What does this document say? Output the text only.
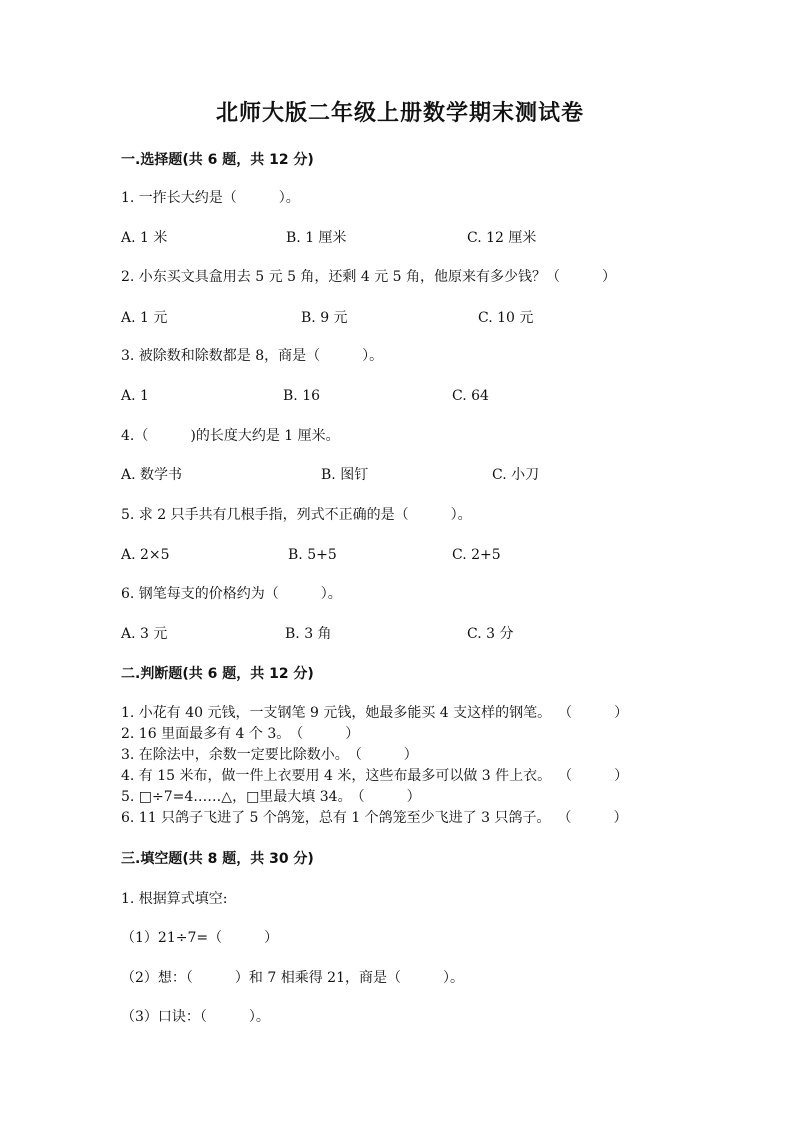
北师大版二年级上册数学期末测试卷
一.选择题(共 6 题，共 12 分)
1. 一拃长大约是（　　　）。
A. 1 米	B. 1 厘米	C. 12 厘米
2. 小东买文具盒用去 5 元 5 角，还剩 4 元 5 角，他原来有多少钱？（　　　）
A. 1 元	B. 9 元	C. 10 元
3. 被除数和除数都是 8，商是（　　　）。
A. 1	B. 16	C. 64
4.（　　　)的长度大约是 1 厘米。
A. 数学书	B. 图钉	C. 小刀
5. 求 2 只手共有几根手指，列式不正确的是（　　　）。
A. 2×5	B. 5+5	C. 2+5
6. 钢笔每支的价格约为（　　　）。
A. 3 元	B. 3 角	C. 3 分
二.判断题(共 6 题，共 12 分)
1. 小花有 40 元钱，一支钢笔 9 元钱，她最多能买 4 支这样的钢笔。 （　　　）
2. 16 里面最多有 4 个 3。 （　　　）
3. 在除法中，余数一定要比除数小。 （　　　）
4. 有 15 米布，做一件上衣要用 4 米，这些布最多可以做 3 件上衣。 （　　　）
5. □÷7=4……△，□里最大填 34。 （　　　）
6. 11 只鸽子飞进了 5 个鸽笼，总有 1 个鸽笼至少飞进了 3 只鸽子。 （　　　）
三.填空题(共 8 题，共 30 分)
1. 根据算式填空:
（1）21÷7=（　　　）
（2）想：（　　　）和 7 相乘得 21，商是（　　　）。
（3）口诀：（　　　）。
